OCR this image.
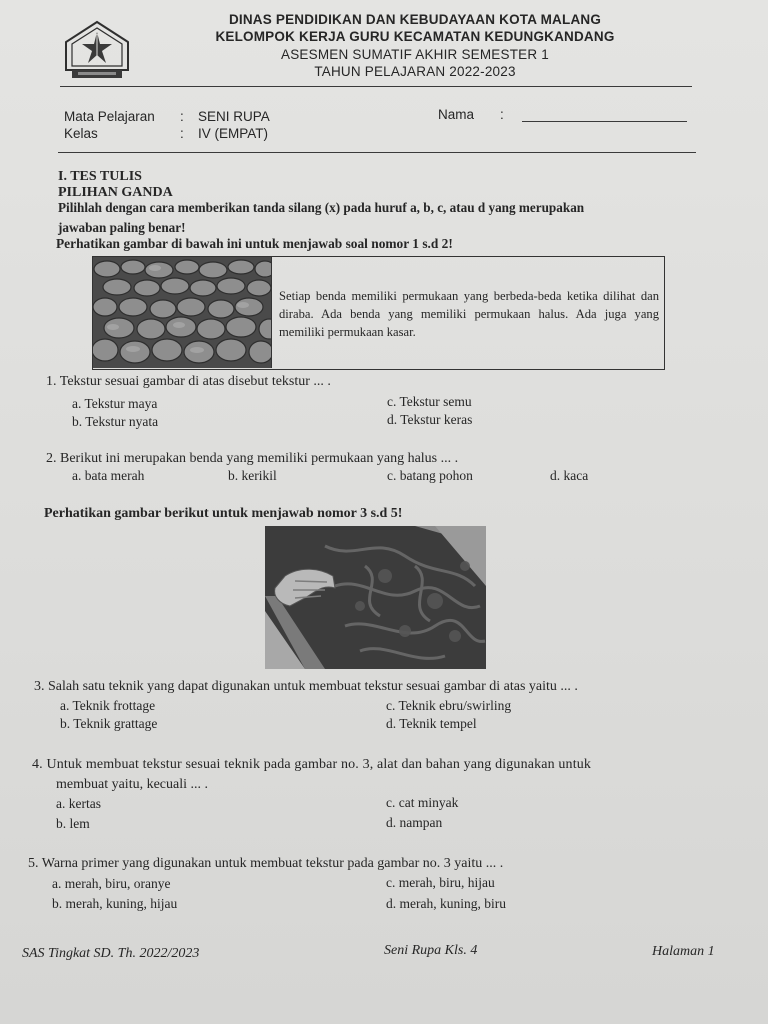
DINAS PENDIDIKAN DAN KEBUDAYAAN KOTA MALANG
KELOMPOK KERJA GURU KECAMATAN KEDUNGKANDANG
ASESMEN SUMATIF AKHIR SEMESTER 1
TAHUN PELAJARAN 2022-2023
Mata Pelajaran : SENI RUPA
Kelas	: IV (EMPAT)
Nama :
I. TES TULIS
PILIHAN GANDA
Pilihlah dengan cara memberikan tanda silang (x) pada huruf a, b, c, atau d yang merupakan
jawaban paling benar!
Perhatikan gambar di bawah ini untuk menjawab soal nomor 1 s.d 2!
Setiap benda memiliki permukaan yang berbeda-beda ketika dilihat dan diraba. Ada benda yang memiliki permukaan halus. Ada juga yang memiliki permukaan kasar.
1. Tekstur sesuai gambar di atas disebut tekstur ... .
a. Tekstur maya	c. Tekstur semu
b. Tekstur nyata	d. Tekstur keras
2. Berikut ini merupakan benda yang memiliki permukaan yang halus ... .
a. bata merah	b. kerikil	c. batang pohon	d. kaca
Perhatikan gambar berikut untuk menjawab nomor 3 s.d 5!
3. Salah satu teknik yang dapat digunakan untuk membuat tekstur sesuai gambar di atas yaitu ... .
a. Teknik frottage	c. Teknik ebru/swirling
b. Teknik grattage	d. Teknik tempel
4. Untuk membuat tekstur sesuai teknik pada gambar no. 3, alat dan bahan yang digunakan untuk
membuat yaitu, kecuali ... .
a. kertas	c. cat minyak
b. lem	d. nampan
5. Warna primer yang digunakan untuk membuat tekstur pada gambar no. 3 yaitu ... .
a. merah, biru, oranye	c. merah, biru, hijau
b. merah, kuning, hijau	d. merah, kuning, biru
SAS Tingkat SD. Th. 2022/2023	Seni Rupa Kls. 4	Halaman 1
